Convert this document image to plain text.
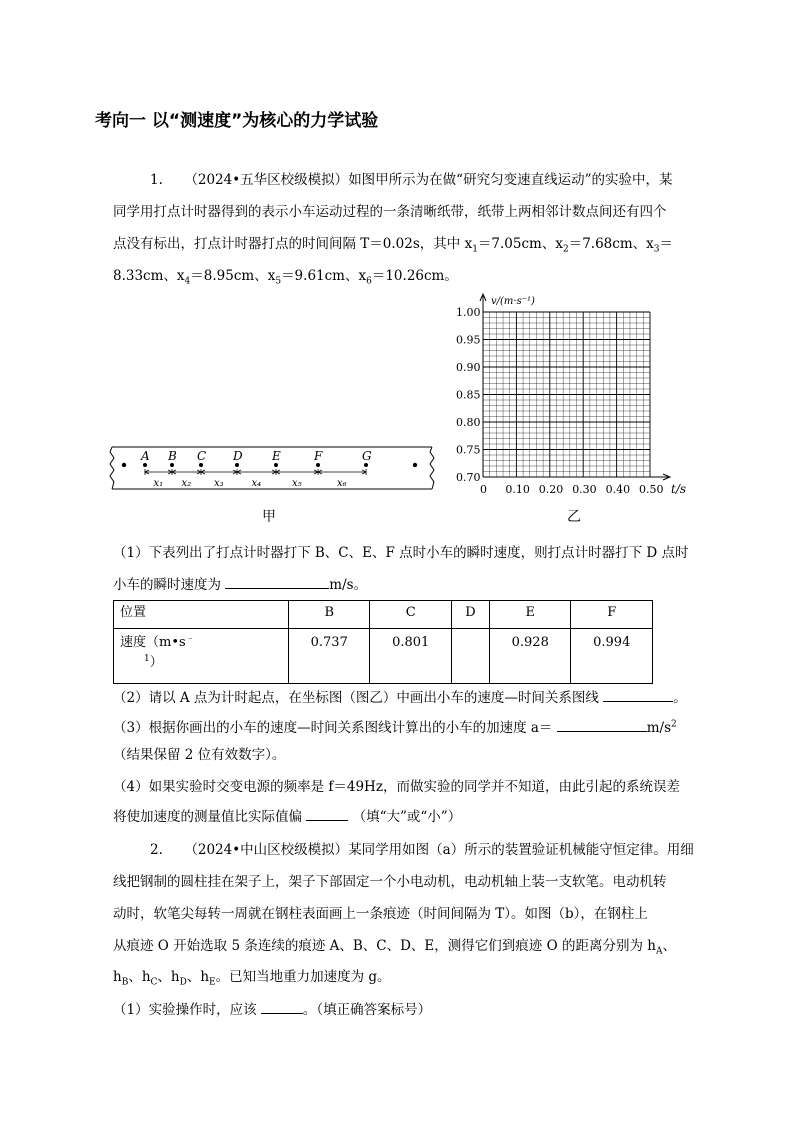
考向一 以“测速度”为核心的力学试验
1. （2024•五华区校级模拟）如图甲所示为在做“研究匀变速直线运动”的实验中，某
同学用打点计时器得到的表示小车运动过程的一条清晰纸带，纸带上两相邻计数点间还有四个
点没有标出，打点计时器打点的时间间隔 T＝0.02s，其中 $x_1=7.05cm$、$x_2=7.68cm$、$x_3=$
8.33cm、$x_4=8.95cm$、$x_5=9.61cm$、$x_6=10.26cm$。
A B C D E	F	G
x₁ x₂ x₃	x₄	x₅	x₆
甲
1.00
0.95
0.90
0.85
0.80
0.75
0.70
0 0.10 0.20 0.30 0.40 0.50
v/(m·s⁻¹)
t/s
乙
（1）下表列出了打点计时器打下 B、C、E、F 点时小车的瞬时速度，则打点计时器打下 D 点时
小车的瞬时速度为	m/s。
位置	B	C	D	E	F
速度（m•s﹣
$^1$）	0.737	0.801		0.928	0.994
（2）请以 A 点为计时起点，在坐标图（图乙）中画出小车的速度—时间关系图线	。
（3）根据你画出的小车的速度—时间关系图线计算出的小车的加速度 a＝	$m/s^2$
（结果保留 2 位有效数字）。
（4）如果实验时交变电源的频率是 f＝49Hz，而做实验的同学并不知道，由此引起的系统误差
将使加速度的测量值比实际值偏	（填“大”或“小”）
2. （2024•中山区校级模拟）某同学用如图（a）所示的装置验证机械能守恒定律。用细
线把钢制的圆柱挂在架子上，架子下部固定一个小电动机，电动机轴上装一支软笔。电动机转
动时，软笔尖每转一周就在钢柱表面画上一条痕迹（时间间隔为 T）。如图（b），在钢柱上
从痕迹 O 开始选取 5 条连续的痕迹 A、B、C、D、E，测得它们到痕迹 O 的距离分别为 $h_A$、
$h_B$、$h_C$、$h_D$、$h_E$。已知当地重力加速度为 g。
（1）实验操作时，应该	。（填正确答案标号）
